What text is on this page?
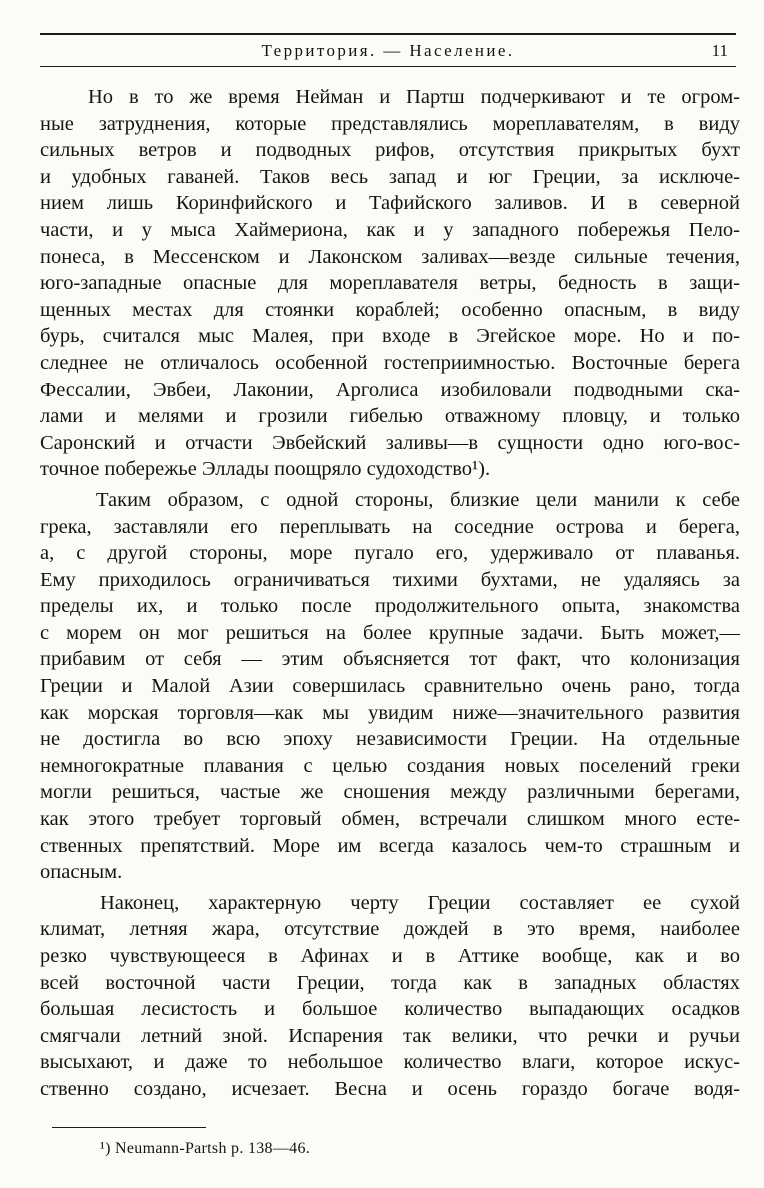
Территория. — Население.	11

Но в то же время Нейман и Партш подчеркивают и те огром-

ные затруднения, которые представлялись мореплавателям, в виду

сильных ветров и подводных рифов, отсутствия прикрытых бухт

и удобных гаваней. Таков весь запад и юг Греции, за исключе-

нием лишь Коринфийского и Тафийского заливов. И в северной

части, и у мыса Хаймериона, как и у западного побережья Пело-

понеса, в Мессенском и Лаконском заливах—везде сильные течения,

юго-западные опасные для мореплавателя ветры, бедность в защи-

щенных местах для стоянки кораблей; особенно опасным, в виду

бурь, считался мыс Малея, при входе в Эгейское море. Но и по-

следнее не отличалось особенной гостеприимностью. Восточные берега

Фессалии, Эвбеи, Лаконии, Арголиса изобиловали подводными ска-

лами и мелями и грозили гибелью отважному пловцу, и только

Саронский и отчасти Эвбейский заливы—в сущности одно юго-вос-

точное побережье Эллады поощряло судоходство¹).

Таким образом, с одной стороны, близкие цели манили к себе

грека, заставляли его переплывать на соседние острова и берега,

а, с другой стороны, море пугало его, удерживало от плаванья.

Ему приходилось ограничиваться тихими бухтами, не удаляясь за

пределы их, и только после продолжительного опыта, знакомства

с морем он мог решиться на более крупные задачи. Быть может,—

прибавим от себя — этим объясняется тот факт, что колонизация

Греции и Малой Азии совершилась сравнительно очень рано, тогда

как морская торговля—как мы увидим ниже—значительного развития

не достигла во всю эпоху независимости Греции. На отдельные

немногократные плавания с целью создания новых поселений греки

могли решиться, частые же сношения между различными берегами,

как этого требует торговый обмен, встречали слишком много есте-

ственных препятствий. Море им всегда казалось чем-то страшным и

опасным.

Наконец, характерную черту Греции составляет ее сухой

климат, летняя жара, отсутствие дождей в это время, наиболее

резко чувствующееся в Афинах и в Аттике вообще, как и во

всей восточной части Греции, тогда как в западных областях

большая лесистость и большое количество выпадающих осадков

смягчали летний зной. Испарения так велики, что речки и ручьи

высыхают, и даже то небольшое количество влаги, которое искус-

ственно создано, исчезает. Весна и осень гораздо богаче водя-

¹) Neumann-Partsh p. 138—46.
